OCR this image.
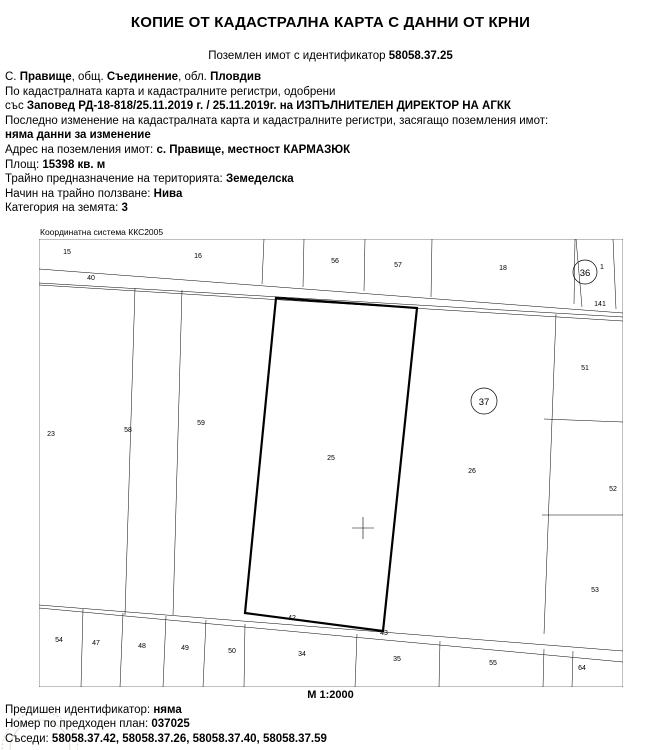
КОПИЕ ОТ КАДАСТРАЛНА КАРТА С ДАННИ ОТ КРНИ
Поземлен имот с идентификатор 58058.37.25
С. Правище, общ. Съединение, обл. Пловдив
По кадастралната карта и кадастралните регистри, одобрени
със Заповед РД-18-818/25.11.2019 г. / 25.11.2019г. на ИЗПЪЛНИТЕЛЕН ДИРЕКТОР НА АГКК
Последно изменение на кадастралната карта и кадастралните регистри, засягащо поземления имот:
няма данни за изменение
Адрес на поземления имот: с. Правище, местност КАРМАЗЮК
Площ: 15398 кв. м
Трайно предназначение на територията: Земеделска
Начин на трайно ползване: Нива
Категория на земята: 3
Координатна система ККС2005
15
16
56
57	18	1
141
40
23
58
59
25
26
51
52
53
54	47	48	49	50	34
42
43
35
55
64
36
37
М 1:2000
Предишен идентификатор: няма
Номер по предходен план: 037025
Съседи: 58058.37.42, 58058.37.26, 58058.37.40, 58058.37.59
